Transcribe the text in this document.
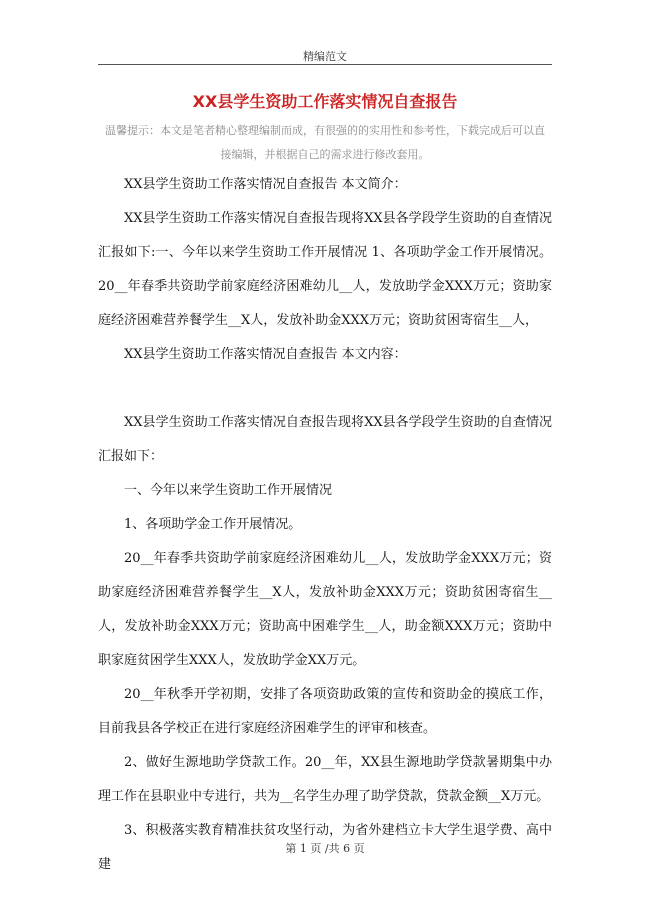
精编范文
XX县学生资助工作落实情况自查报告
温馨提示：本文是笔者精心整理编制而成，有很强的的实用性和参考性，下载完成后可以直接编辑，并根据自己的需求进行修改套用。

XX县学生资助工作落实情况自查报告 本文简介：

XX县学生资助工作落实情况自查报告现将XX县各学段学生资助的自查情况汇报如下:一、今年以来学生资助工作开展情况 1、各项助学金工作开展情况。20__年春季共资助学前家庭经济困难幼儿__人，发放助学金XXX万元；资助家庭经济困难营养餐学生__X人，发放补助金XXX万元；资助贫困寄宿生__人，

XX县学生资助工作落实情况自查报告 本文内容：

XX县学生资助工作落实情况自查报告现将XX县各学段学生资助的自查情况汇报如下：

一、今年以来学生资助工作开展情况

1、各项助学金工作开展情况。

20__年春季共资助学前家庭经济困难幼儿__人，发放助学金XXX万元；资助家庭经济困难营养餐学生__X人，发放补助金XXX万元；资助贫困寄宿生__人，发放补助金XXX万元；资助高中困难学生__人，助金额XXX万元；资助中职家庭贫困学生XXX人，发放助学金XX万元。

20__年秋季开学初期，安排了各项资助政策的宣传和资助金的摸底工作，目前我县各学校正在进行家庭经济困难学生的评审和核查。

2、做好生源地助学贷款工作。20__年，XX县生源地助学贷款暑期集中办理工作在县职业中专进行，共为__名学生办理了助学贷款，贷款金额__X万元。

3、积极落实教育精准扶贫攻坚行动，为省外建档立卡大学生退学费、高中建

第 1 页 /共 6 页
